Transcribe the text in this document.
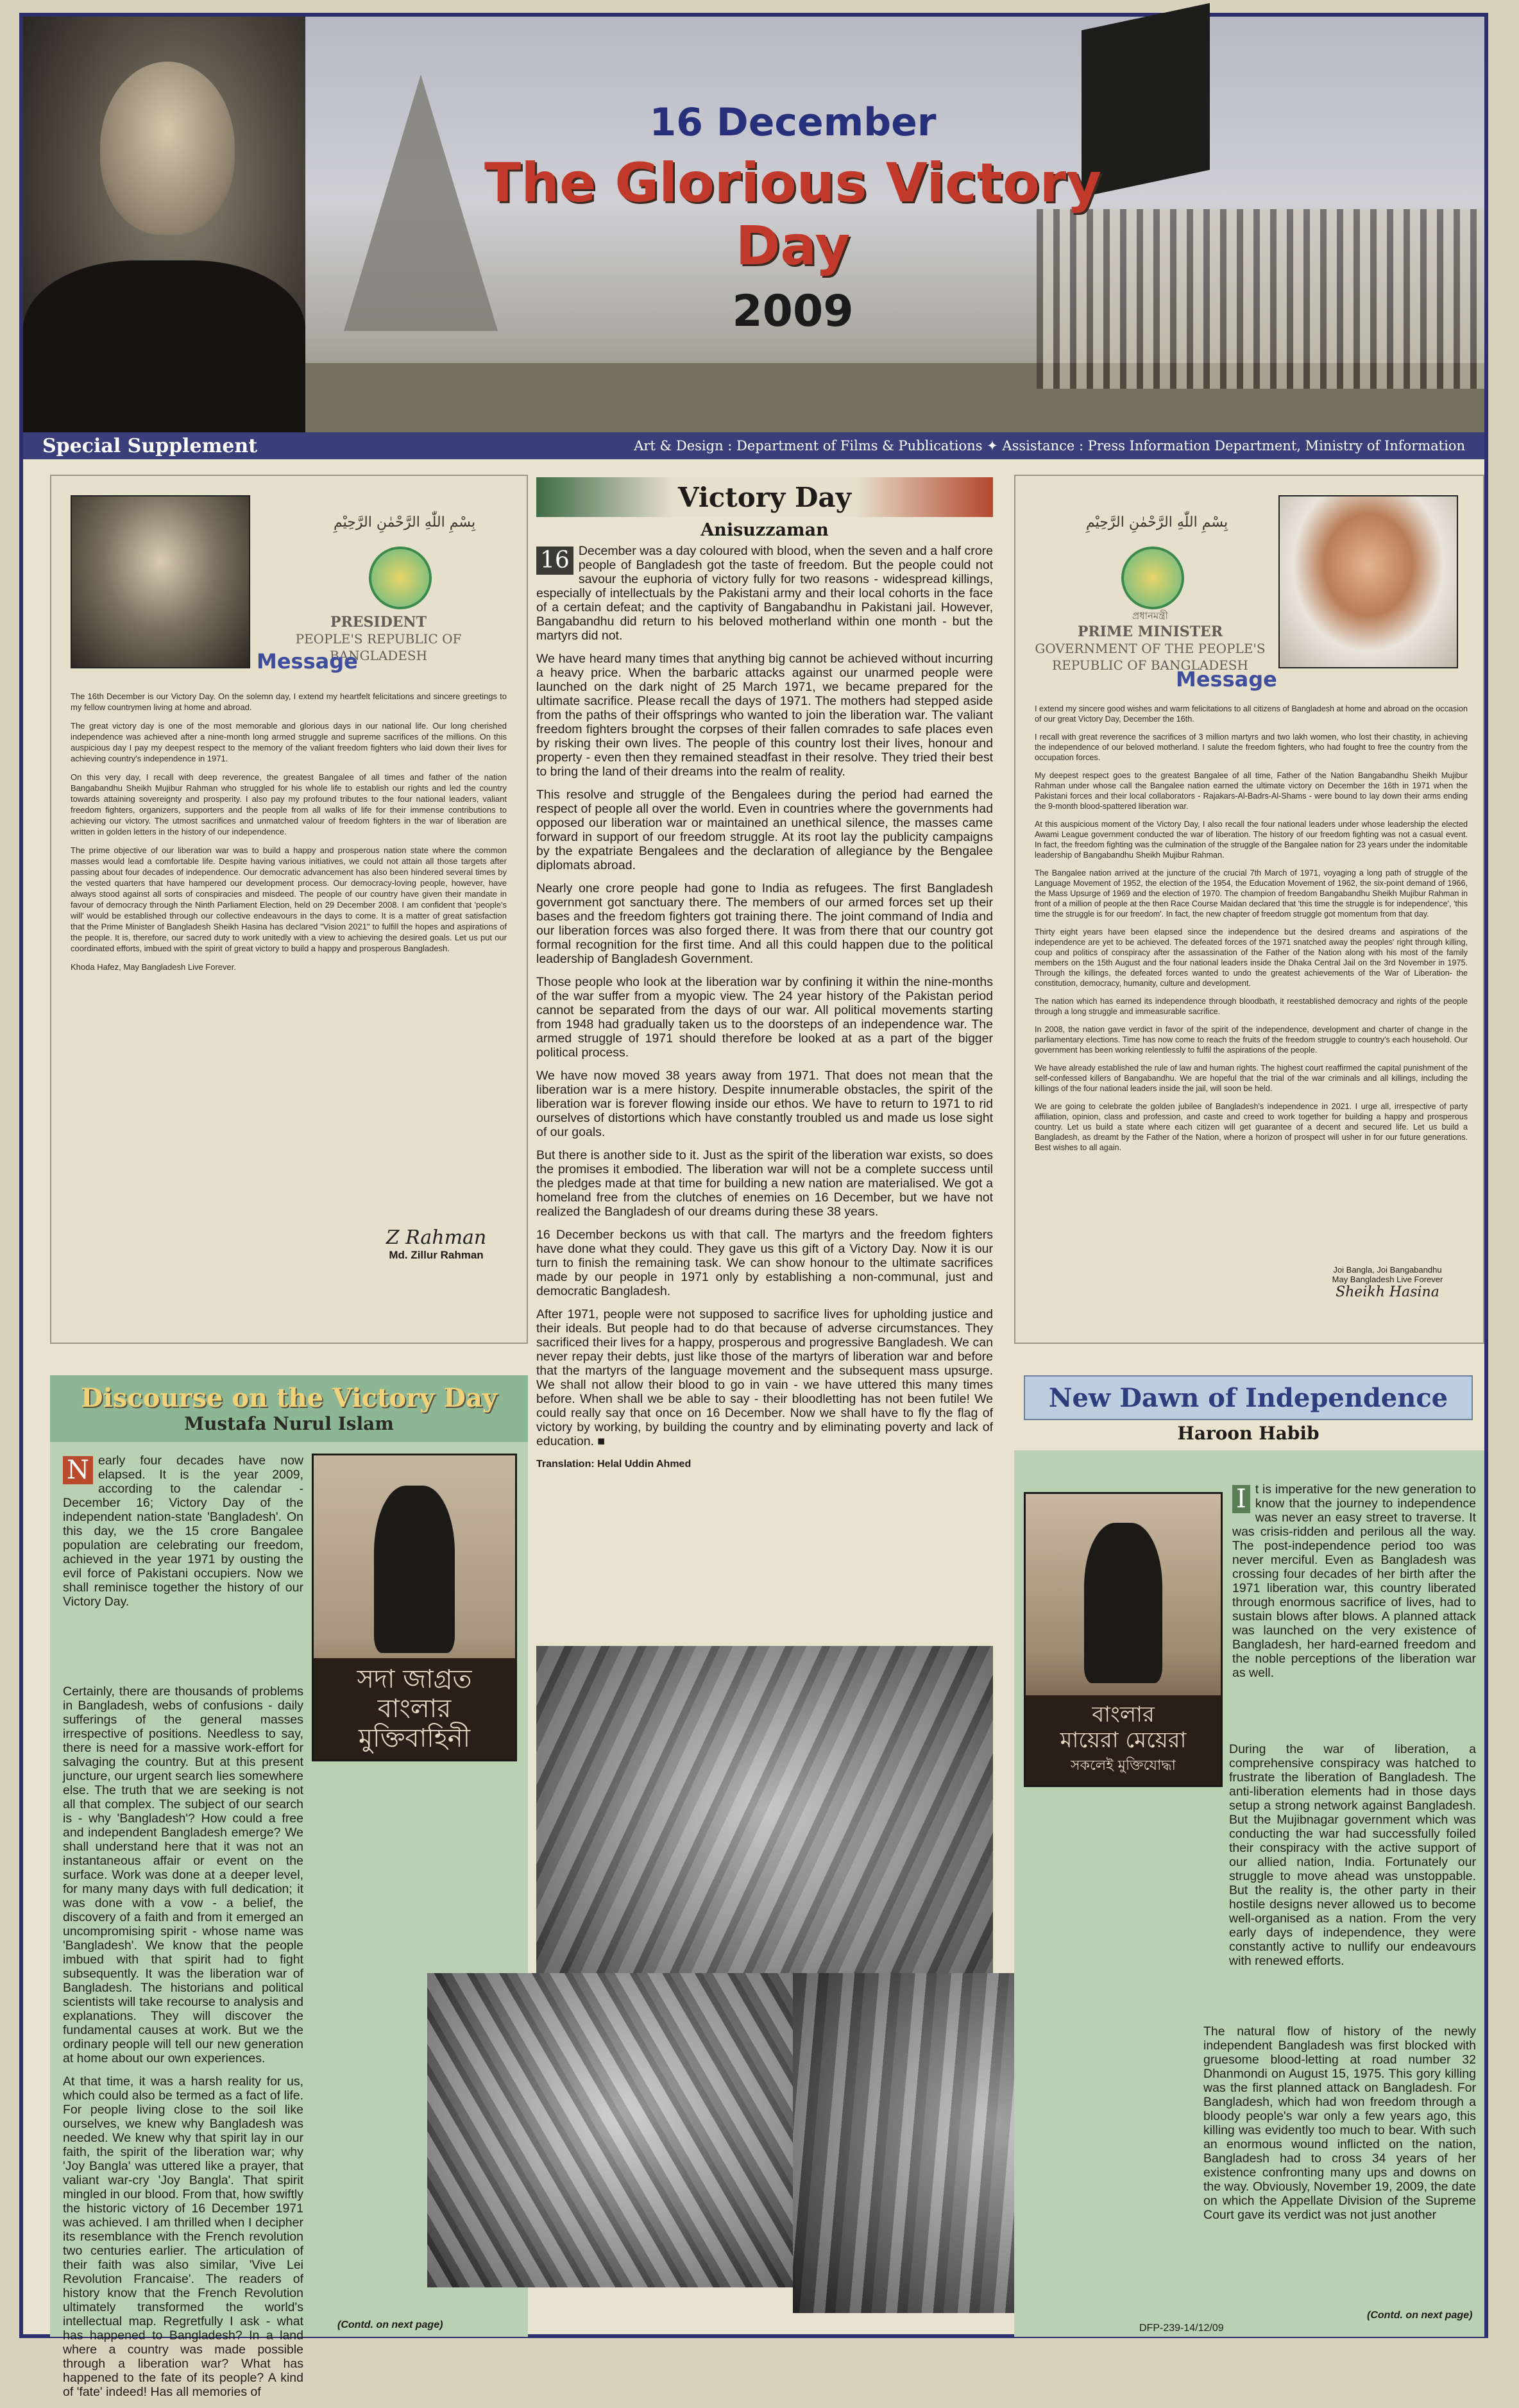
16 December
The Glorious Victory Day
2009
Special Supplement	Art & Design : Department of Films & Publications ✦ Assistance : Press Information Department, Ministry of Information
بِسْمِ اللّٰهِ الرَّحْمٰنِ الرَّحِيْمِ
PRESIDENT
PEOPLE'S REPUBLIC OF
BANGLADESH
Message

The 16th December is our Victory Day. On the solemn day, I extend my heartfelt felicitations and sincere greetings to my fellow countrymen living at home and abroad.

The great victory day is one of the most memorable and glorious days in our national life. Our long cherished independence was achieved after a nine-month long armed struggle and supreme sacrifices of the millions. On this auspicious day I pay my deepest respect to the memory of the valiant freedom fighters who laid down their lives for achieving country's independence in 1971.

On this very day, I recall with deep reverence, the greatest Bangalee of all times and father of the nation Bangabandhu Sheikh Mujibur Rahman who struggled for his whole life to establish our rights and led the country towards attaining sovereignty and prosperity. I also pay my profound tributes to the four national leaders, valiant freedom fighters, organizers, supporters and the people from all walks of life for their immense contributions to achieving our victory. The utmost sacrifices and unmatched valour of freedom fighters in the war of liberation are written in golden letters in the history of our independence.

The prime objective of our liberation war was to build a happy and prosperous nation state where the common masses would lead a comfortable life. Despite having various initiatives, we could not attain all those targets after passing about four decades of independence. Our democratic advancement has also been hindered several times by the vested quarters that have hampered our development process. Our democracy-loving people, however, have always stood against all sorts of conspiracies and misdeed. The people of our country have given their mandate in favour of democracy through the Ninth Parliament Election, held on 29 December 2008. I am confident that 'people's will' would be established through our collective endeavours in the days to come. It is a matter of great satisfaction that the Prime Minister of Bangladesh Sheikh Hasina has declared "Vision 2021" to fulfill the hopes and aspirations of the people. It is, therefore, our sacred duty to work unitedly with a view to achieving the desired goals. Let us put our coordinated efforts, imbued with the spirit of great victory to build a happy and prosperous Bangladesh.

Khoda Hafez, May Bangladesh Live Forever.

Z Rahman
Md. Zillur Rahman
Victory Day
Anisuzzaman

16 December was a day coloured with blood, when the seven and a half crore people of Bangladesh got the taste of freedom. But the people could not savour the euphoria of victory fully for two reasons - widespread killings, especially of intellectuals by the Pakistani army and their local cohorts in the face of a certain defeat; and the captivity of Bangabandhu in Pakistani jail. However, Bangabandhu did return to his beloved motherland within one month - but the martyrs did not.

We have heard many times that anything big cannot be achieved without incurring a heavy price. When the barbaric attacks against our unarmed people were launched on the dark night of 25 March 1971, we became prepared for the ultimate sacrifice. Please recall the days of 1971. The mothers had stepped aside from the paths of their offsprings who wanted to join the liberation war. The valiant freedom fighters brought the corpses of their fallen comrades to safe places even by risking their own lives. The people of this country lost their lives, honour and property - even then they remained steadfast in their resolve. They tried their best to bring the land of their dreams into the realm of reality.

This resolve and struggle of the Bengalees during the period had earned the respect of people all over the world. Even in countries where the governments had opposed our liberation war or maintained an unethical silence, the masses came forward in support of our freedom struggle. At its root lay the publicity campaigns by the expatriate Bengalees and the declaration of allegiance by the Bengalee diplomats abroad.

Nearly one crore people had gone to India as refugees. The first Bangladesh government got sanctuary there. The members of our armed forces set up their bases and the freedom fighters got training there. The joint command of India and our liberation forces was also forged there. It was from there that our country got formal recognition for the first time. And all this could happen due to the political leadership of Bangladesh Government.

Those people who look at the liberation war by confining it within the nine-months of the war suffer from a myopic view. The 24 year history of the Pakistan period cannot be separated from the days of our war. All political movements starting from 1948 had gradually taken us to the doorsteps of an independence war. The armed struggle of 1971 should therefore be looked at as a part of the bigger political process.

We have now moved 38 years away from 1971. That does not mean that the liberation war is a mere history. Despite innumerable obstacles, the spirit of the liberation war is forever flowing inside our ethos. We have to return to 1971 to rid ourselves of distortions which have constantly troubled us and made us lose sight of our goals.

But there is another side to it. Just as the spirit of the liberation war exists, so does the promises it embodied. The liberation war will not be a complete success until the pledges made at that time for building a new nation are materialised. We got a homeland free from the clutches of enemies on 16 December, but we have not realized the Bangladesh of our dreams during these 38 years.

16 December beckons us with that call. The martyrs and the freedom fighters have done what they could. They gave us this gift of a Victory Day. Now it is our turn to finish the remaining task. We can show honour to the ultimate sacrifices made by our people in 1971 only by establishing a non-communal, just and democratic Bangladesh.

After 1971, people were not supposed to sacrifice lives for upholding justice and their ideals. But people had to do that because of adverse circumstances. They sacrificed their lives for a happy, prosperous and progressive Bangladesh. We can never repay their debts, just like those of the martyrs of liberation war and before that the martyrs of the language movement and the subsequent mass upsurge. We shall not allow their blood to go in vain - we have uttered this many times before. When shall we be able to say - their bloodletting has not been futile! We could really say that once on 16 December. Now we shall have to fly the flag of victory by working, by building the country and by eliminating poverty and lack of education. ■

Translation: Helal Uddin Ahmed

بِسْمِ اللّٰهِ الرَّحْمٰنِ الرَّحِيْمِ
প্রধানমন্ত্রী
PRIME MINISTER
GOVERNMENT OF THE PEOPLE'S
REPUBLIC OF BANGLADESH
Message

I extend my sincere good wishes and warm felicitations to all citizens of Bangladesh at home and abroad on the occasion of our great Victory Day, December the 16th.

I recall with great reverence the sacrifices of 3 million martyrs and two lakh women, who lost their chastity, in achieving the independence of our beloved motherland. I salute the freedom fighters, who had fought to free the country from the occupation forces.

My deepest respect goes to the greatest Bangalee of all time, Father of the Nation Bangabandhu Sheikh Mujibur Rahman under whose call the Bangalee nation earned the ultimate victory on December the 16th in 1971 when the Pakistani forces and their local collaborators - Rajakars-Al-Badrs-Al-Shams - were bound to lay down their arms ending the 9-month blood-spattered liberation war.

At this auspicious moment of the Victory Day, I also recall the four national leaders under whose leadership the elected Awami League government conducted the war of liberation. The history of our freedom fighting was not a casual event. In fact, the freedom fighting was the culmination of the struggle of the Bangalee nation for 23 years under the indomitable leadership of Bangabandhu Sheikh Mujibur Rahman.

The Bangalee nation arrived at the juncture of the crucial 7th March of 1971, voyaging a long path of struggle of the Language Movement of 1952, the election of the 1954, the Education Movement of 1962, the six-point demand of 1966, the Mass Upsurge of 1969 and the election of 1970. The champion of freedom Bangabandhu Sheikh Mujibur Rahman in front of a million of people at the then Race Course Maidan declared that 'this time the struggle is for independence', 'this time the struggle is for our freedom'. In fact, the new chapter of freedom struggle got momentum from that day.

Thirty eight years have been elapsed since the independence but the desired dreams and aspirations of the independence are yet to be achieved. The defeated forces of the 1971 snatched away the peoples' right through killing, coup and politics of conspiracy after the assassination of the Father of the Nation along with his most of the family members on the 15th August and the four national leaders inside the Dhaka Central Jail on the 3rd November in 1975. Through the killings, the defeated forces wanted to undo the greatest achievements of the War of Liberation- the constitution, democracy, humanity, culture and development.

The nation which has earned its independence through bloodbath, it reestablished democracy and rights of the people through a long struggle and immeasurable sacrifice.

In 2008, the nation gave verdict in favor of the spirit of the independence, development and charter of change in the parliamentary elections. Time has now come to reach the fruits of the freedom struggle to country's each household. Our government has been working relentlessly to fulfil the aspirations of the people.

We have already established the rule of law and human rights. The highest court reaffirmed the capital punishment of the self-confessed killers of Bangabandhu. We are hopeful that the trial of the war criminals and all killings, including the killings of the four national leaders inside the jail, will soon be held.

We are going to celebrate the golden jubilee of Bangladesh's independence in 2021. I urge all, irrespective of party affiliation, opinion, class and profession, and caste and creed to work together for building a happy and prosperous country. Let us build a state where each citizen will get guarantee of a decent and secured life. Let us build a Bangladesh, as dreamt by the Father of the Nation, where a horizon of prospect will usher in for our future generations. Best wishes to all again.

Joi Bangla, Joi Bangabandhu
May Bangladesh Live Forever
Sheikh Hasina
Discourse on the Victory Day
Mustafa Nurul Islam
সদা জাগ্রত
বাংলার
মুক্তিবাহিনী

N early four decades have now elapsed. It is the year 2009, according to the calendar - December 16; Victory Day of the independent nation-state 'Bangladesh'. On this day, we the 15 crore Bangalee population are celebrating our freedom, achieved in the year 1971 by ousting the evil force of Pakistani occupiers. Now we shall reminisce together the history of our Victory Day.

Certainly, there are thousands of problems in Bangladesh, webs of confusions - daily sufferings of the general masses irrespective of positions. Needless to say, there is need for a massive work-effort for salvaging the country. But at this present juncture, our urgent search lies somewhere else. The truth that we are seeking is not all that complex. The subject of our search is - why 'Bangladesh'? How could a free and independent Bangladesh emerge? We shall understand here that it was not an instantaneous affair or event on the surface. Work was done at a deeper level, for many many days with full dedication; it was done with a vow - a belief, the discovery of a faith and from it emerged an uncompromising spirit - whose name was 'Bangladesh'. We know that the people imbued with that spirit had to fight subsequently. It was the liberation war of Bangladesh. The historians and political scientists will take recourse to analysis and explanations. They will discover the fundamental causes at work. But we the ordinary people will tell our new generation at home about our own experiences.

At that time, it was a harsh reality for us, which could also be termed as a fact of life. For people living close to the soil like ourselves, we knew why Bangladesh was needed. We knew why that spirit lay in our faith, the spirit of the liberation war; why 'Joy Bangla' was uttered like a prayer, that valiant war-cry 'Joy Bangla'. That spirit mingled in our blood. From that, how swiftly the historic victory of 16 December 1971 was achieved. I am thrilled when I decipher its resemblance with the French revolution two centuries earlier. The articulation of their faith was also similar, 'Vive Lei Revolution Francaise'. The readers of history know that the French Revolution ultimately transformed the world's intellectual map. Regretfully I ask - what has happened to Bangladesh? In a land where a country was made possible through a liberation war? What has happened to the fate of its people? A kind of 'fate' indeed! Has all memories of

(Contd. on next page)
New Dawn of Independence
Haroon Habib
বাংলার
মায়েরা মেয়েরা
সকলেই মুক্তিযোদ্ধা

I t is imperative for the new generation to know that the journey to independence was never an easy street to traverse. It was crisis-ridden and perilous all the way. The post-independence period too was never merciful. Even as Bangladesh was crossing four decades of her birth after the 1971 liberation war, this country liberated through enormous sacrifice of lives, had to sustain blows after blows. A planned attack was launched on the very existence of Bangladesh, her hard-earned freedom and the noble perceptions of the liberation war as well.

During the war of liberation, a comprehensive conspiracy was hatched to frustrate the liberation of Bangladesh. The anti-liberation elements had in those days setup a strong network against Bangladesh. But the Mujibnagar government which was conducting the war had successfully foiled their conspiracy with the active support of our allied nation, India. Fortunately our struggle to move ahead was unstoppable. But the reality is, the other party in their hostile designs never allowed us to become well-organised as a nation. From the very early days of independence, they were constantly active to nullify our endeavours with renewed efforts.

The natural flow of history of the newly independent Bangladesh was first blocked with gruesome blood-letting at road number 32 Dhanmondi on August 15, 1975. This gory killing was the first planned attack on Bangladesh. For Bangladesh, which had won freedom through a bloody people's war only a few years ago, this killing was evidently too much to bear. With such an enormous wound inflicted on the nation, Bangladesh had to cross 34 years of her existence confronting many ups and downs on the way. Obviously, November 19, 2009, the date on which the Appellate Division of the Supreme Court gave its verdict was not just another

DFP-239-14/12/09
(Contd. on next page)
